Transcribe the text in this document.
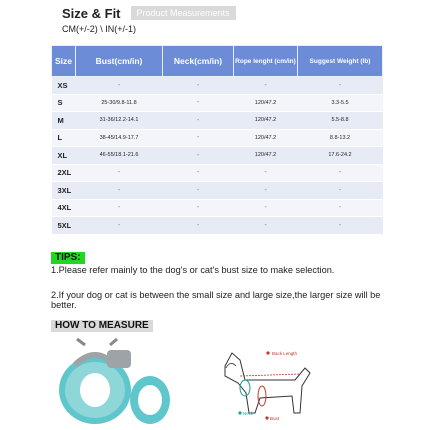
Size & Fit	Product Measurements
CM(+/-2) \ IN(+/-1)
Size	Bust(cm/in)	Neck(cm/in)	Rope lenght (cm/in)	Suggest Weight (lb)
XS	-	-	-	-
S	25-30/9.8-11.8	-	120/47.2	3.3-5.5
M	31-36/12.2-14.1	-	120/47.2	5.5-8.8
L	38-45/14.9-17.7	-	120/47.2	8.8-13.2
XL	46-55/18.1-21.6	-	120/47.2	17.6-24.2
2XL	-	-	-	-
3XL	-	-	-	-
4XL	-	-	-	-
5XL	-	-	-	-
TIPS:
1.Please refer mainly to the dog's or cat's bust size to make selection.
2.If your dog or cat is between the small size and large size,the larger size will be better.
HOW TO MEASURE
Back Length
Neck
Bust
